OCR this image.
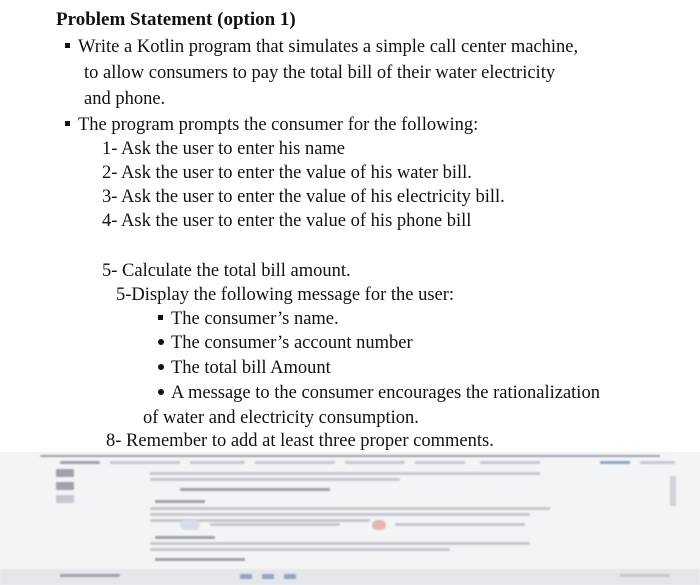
Problem Statement (option 1)
Write a Kotlin program that simulates a simple call center machine,
to allow consumers to pay the total bill of their water electricity
and phone.
The program prompts the consumer for the following:
1- Ask the user to enter his name
2- Ask the user to enter the value of his water bill.
3- Ask the user to enter the value of his electricity bill.
4- Ask the user to enter the value of his phone bill
5- Calculate the total bill amount.
5-Display the following message for the user:
The consumer’s name.
The consumer’s account number
The total bill Amount
A message to the consumer encourages the rationalization
of water and electricity consumption.
8- Remember to add at least three proper comments.
